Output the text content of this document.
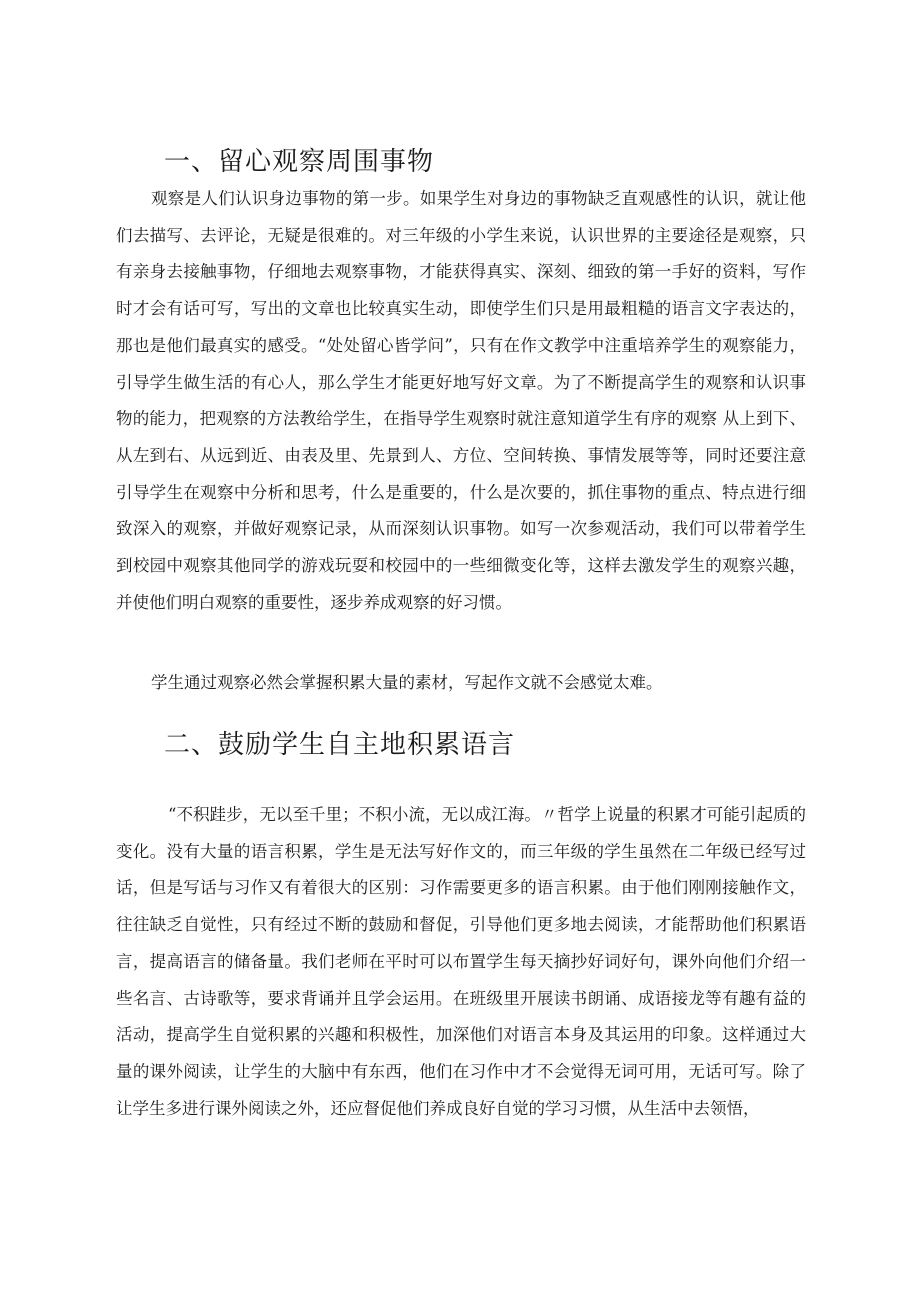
一、留心观察周围事物

观察是人们认识身边事物的第一步。如果学生对身边的事物缺乏直观感性的认识，就让他们去描写、去评论，无疑是很难的。对三年级的小学生来说，认识世界的主要途径是观察，只有亲身去接触事物，仔细地去观察事物，才能获得真实、深刻、细致的第一手好的资料，写作时才会有话可写，写出的文章也比较真实生动，即使学生们只是用最粗糙的语言文字表达的，那也是他们最真实的感受。“处处留心皆学问”，只有在作文教学中注重培养学生的观察能力，引导学生做生活的有心人，那么学生才能更好地写好文章。为了不断提高学生的观察和认识事物的能力，把观察的方法教给学生，在指导学生观察时就注意知道学生有序的观察 从上到下、从左到右、从远到近、由表及里、先景到人、方位、空间转换、事情发展等等，同时还要注意引导学生在观察中分析和思考，什么是重要的，什么是次要的，抓住事物的重点、特点进行细致深入的观察，并做好观察记录，从而深刻认识事物。如写一次参观活动，我们可以带着学生到校园中观察其他同学的游戏玩耍和校园中的一些细微变化等，这样去激发学生的观察兴趣，并使他们明白观察的重要性，逐步养成观察的好习惯。

学生通过观察必然会掌握积累大量的素材，写起作文就不会感觉太难。

二、鼓励学生自主地积累语言

“不积跬步，无以至千里；不积小流，无以成江海。〃哲学上说量的积累才可能引起质的变化。没有大量的语言积累，学生是无法写好作文的，而三年级的学生虽然在二年级已经写过话，但是写话与习作又有着很大的区别：习作需要更多的语言积累。由于他们刚刚接触作文，往往缺乏自觉性，只有经过不断的鼓励和督促，引导他们更多地去阅读，才能帮助他们积累语言，提高语言的储备量。我们老师在平时可以布置学生每天摘抄好词好句，课外向他们介绍一些名言、古诗歌等，要求背诵并且学会运用。在班级里开展读书朗诵、成语接龙等有趣有益的活动，提高学生自觉积累的兴趣和积极性，加深他们对语言本身及其运用的印象。这样通过大量的课外阅读，让学生的大脑中有东西，他们在习作中才不会觉得无词可用，无话可写。除了让学生多进行课外阅读之外，还应督促他们养成良好自觉的学习习惯，从生活中去领悟，
